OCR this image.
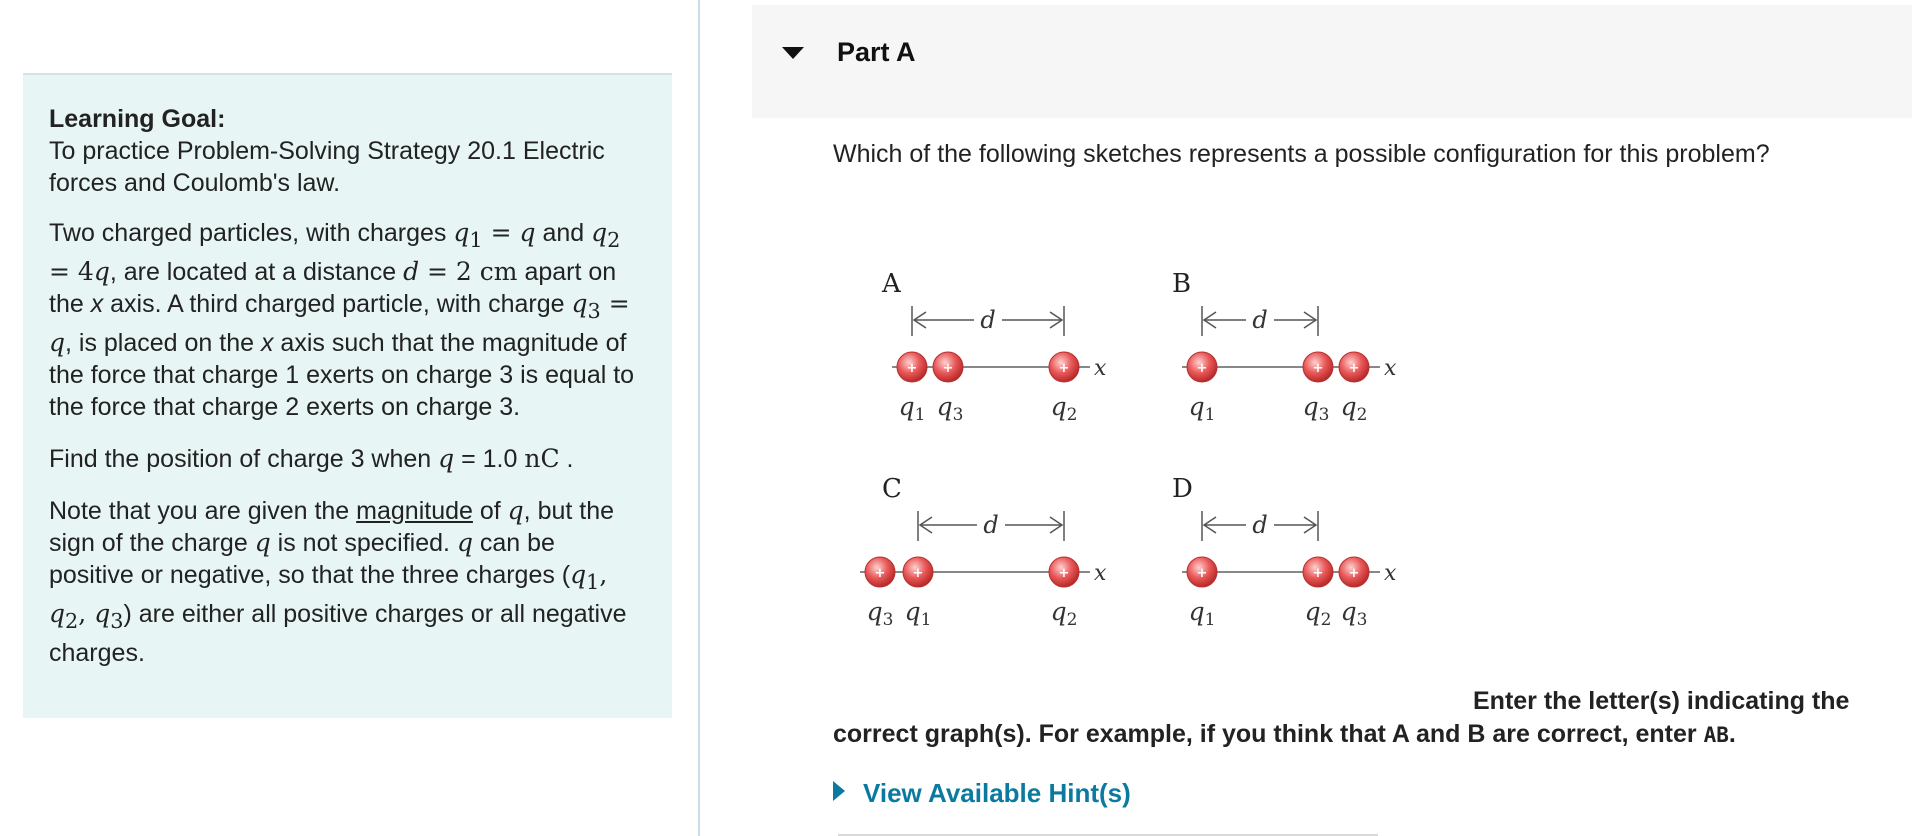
Learning Goal:
To practice Problem-Solving Strategy 20.1 Electric forces and Coulomb's law.

Two charged particles, with charges $q_1 = q$ and $q_2 = 4q$, are located at a distance d = 2 cm apart on the x axis. A third charged particle, with charge $q_3 = q$, is placed on the x axis such that the magnitude of the force that charge 1 exerts on charge 3 is equal to the force that charge 2 exerts on charge 3.

Find the position of charge 3 when q = 1.0 nC .

Note that you are given the magnitude of q, but the sign of the charge q is not specified. q can be positive or negative, so that the three charges ($q_1$, $q_2$, $q_3$) are either all positive charges or all negative charges.

Part A
Which of the following sketches represents a possible configuration for this problem?
A
d
x
+
$q_1$
+
$q_3$
+
$q_2$
B
d
x
+
$q_1$
+
$q_3$
+
$q_2$
C
d
x
+
$q_3$
+
$q_1$
+
$q_2$
D
d
x
+
$q_1$
+
$q_2$
+
$q_3$
Enter the letter(s) indicating the correct graph(s). For example, if you think that A and B are correct, enter AB.
View Available Hint(s)
